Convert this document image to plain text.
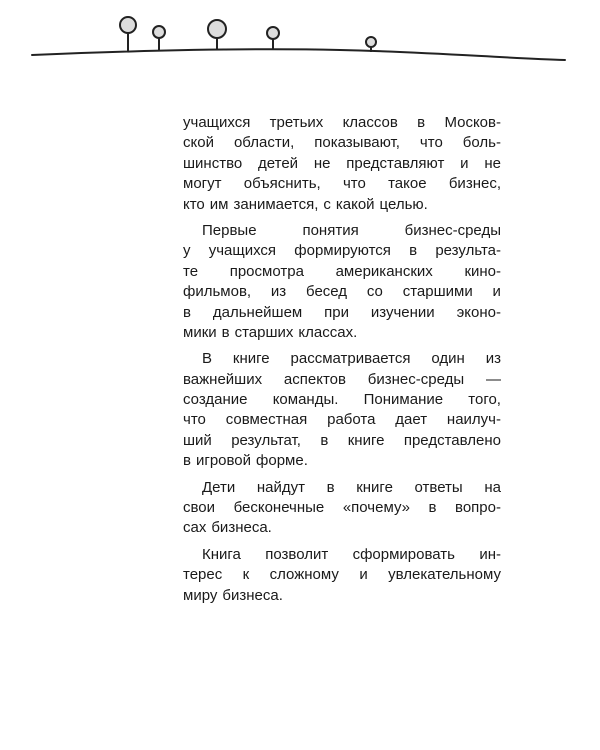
учащихся третьих классов в Москов-
ской области, показывают, что боль-
шинство детей не представляют и не
могут объяснить, что такое бизнес,
кто им занимается, с какой целью.
Первые	понятия	бизнес-среды
у учащихся формируются в результа-
те просмотра американских кино-
фильмов, из бесед со старшими и
в дальнейшем при изучении эконо-
мики в старших классах.
В книге рассматривается один из
важнейших аспектов бизнес-среды —
создание команды. Понимание того,
что совместная работа дает наилуч-
ший результат, в книге представлено
в игровой форме.
Дети найдут в книге ответы на
свои бесконечные «почему» в вопро-
сах бизнеса.
Книга позволит сформировать ин-
терес к сложному и увлекательному
миру бизнеса.
